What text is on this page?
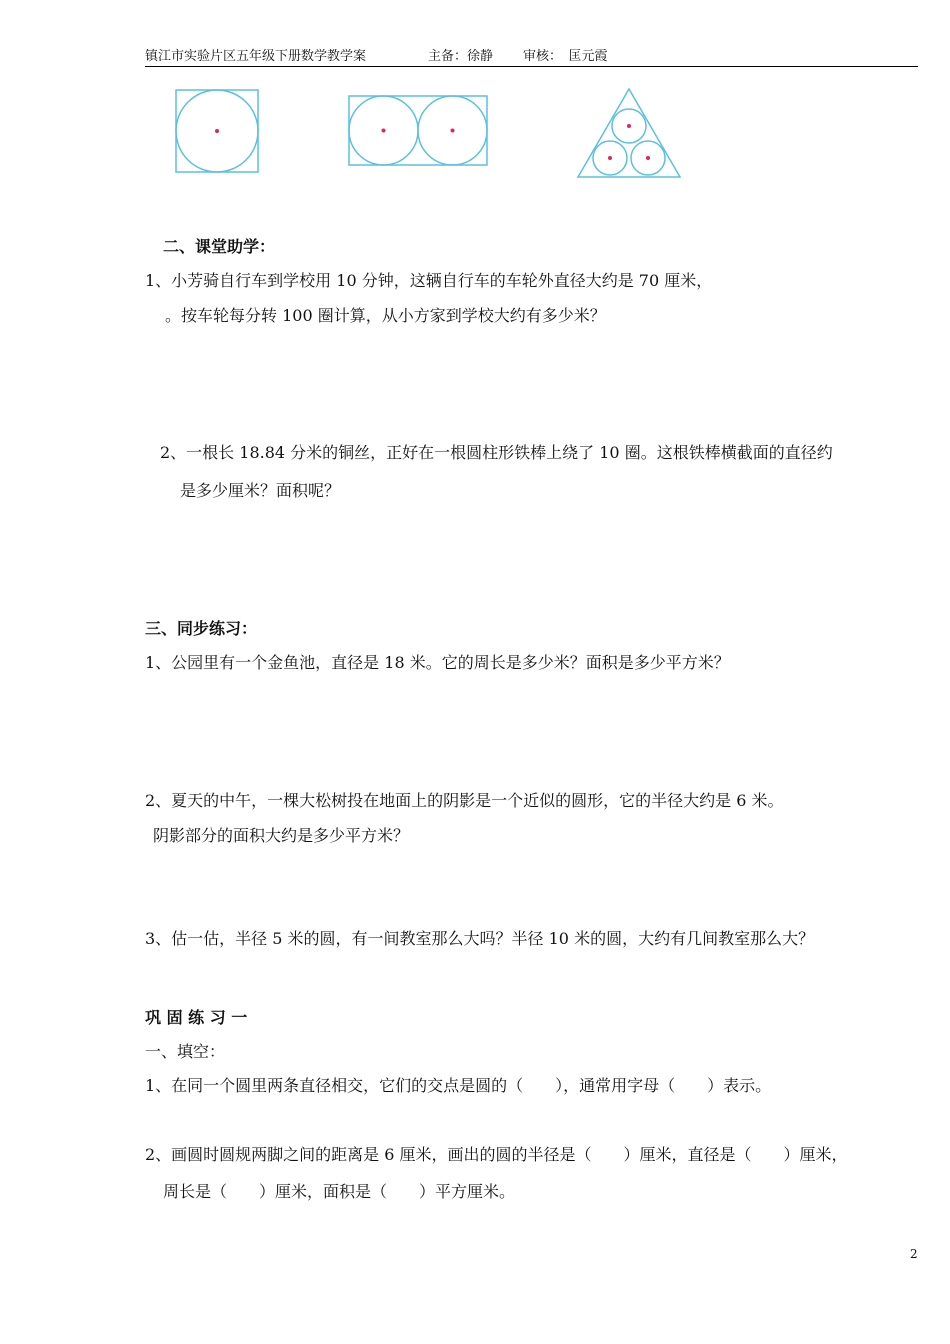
镇江市实验片区五年级下册数学教学案	主备：徐静 审核：　匡元霞
二、课堂助学：
1、小芳骑自行车到学校用 10 分钟，这辆自行车的车轮外直径大约是 70 厘米，
。按车轮每分转 100 圈计算，从小方家到学校大约有多少米？
2、一根长 18.84 分米的铜丝，正好在一根圆柱形铁棒上绕了 10 圈。这根铁棒横截面的直径约
是多少厘米？面积呢？
三、同步练习：
1、公园里有一个金鱼池，直径是 18 米。它的周长是多少米？面积是多少平方米？
2、夏天的中午，一棵大松树投在地面上的阴影是一个近似的圆形，它的半径大约是 6 米。
阴影部分的面积大约是多少平方米？
3、估一估，半径 5 米的圆，有一间教室那么大吗？半径 10 米的圆，大约有几间教室那么大？
巩 固 练 习 一
一、填空：
1、在同一个圆里两条直径相交，它们的交点是圆的（　　），通常用字母（　　）表示。
2、画圆时圆规两脚之间的距离是 6 厘米，画出的圆的半径是（　　）厘米，直径是（　　）厘米，
周长是（　　）厘米，面积是（　　）平方厘米。
2
